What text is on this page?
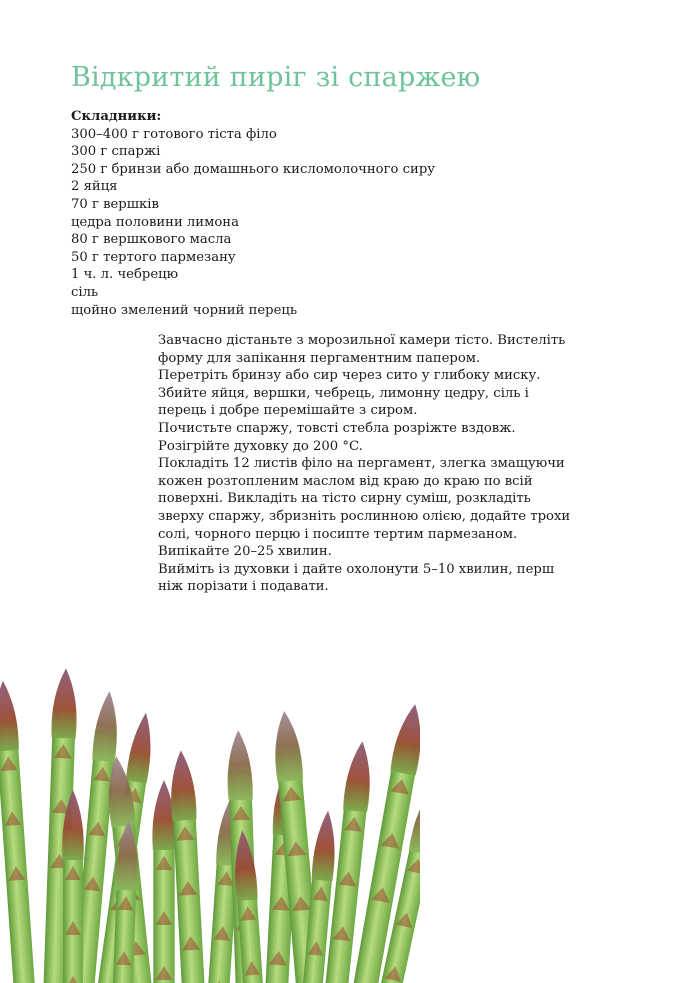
Відкритий пиріг зі спаржею
Складники:
300–400 г готового тіста філо
300 г спаржі
250 г бринзи або домашнього кисломолочного сиру
2 яйця
70 г вершків
цедра половини лимона
80 г вершкового масла
50 г тертого пармезану
1 ч. л. чебрецю
сіль
щойно змелений чорний перець

Завчасно дістаньте з морозильної камери тісто. Вистеліть форму для запікання пергаментним папером.

Перетріть бринзу або сир через сито у глибоку миску. Збийте яйця, вершки, чебрець, лимонну цедру, сіль і перець і добре перемішайте з сиром.

Почистьте спаржу, товсті стебла розріжте вздовж.

Розігрійте духовку до 200 °C.

Покладіть 12 листів філо на пергамент, злегка змащуючи кожен розтопленим маслом від краю до краю по всій поверхні. Викладіть на тісто сирну суміш, розкладіть зверху спаржу, збризніть рослинною олією, додайте трохи солі, чорного перцю і посипте тертим пармезаном. Випікайте 20–25 хвилин.

Вийміть із духовки і дайте охолонути 5–10 хвилин, перш ніж порізати і подавати.
